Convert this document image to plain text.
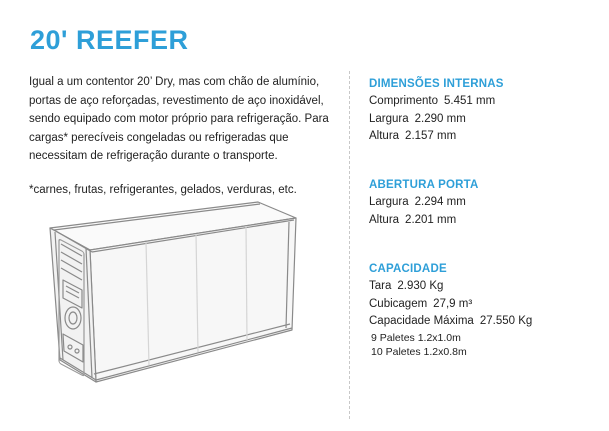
20' REEFER

Igual a um contentor 20’ Dry, mas com chão de alumínio, portas de aço reforçadas, revestimento de aço inoxidável, sendo equipado com motor próprio para refrigeração. Para cargas* perecíveis congeladas ou refrigeradas que necessitam de refrigeração durante o transporte.

*carnes, frutas, refrigerantes, gelados, verduras, etc.

DIMENSÕES INTERNAS
Comprimento 5.451 mm
Largura 2.290 mm
Altura 2.157 mm
ABERTURA PORTA
Largura 2.294 mm
Altura 2.201 mm
CAPACIDADE
Tara 2.930 Kg
Cubicagem 27,9 m³
Capacidade Máxima 27.550 Kg
9 Paletes 1.2x1.0m
10 Paletes 1.2x0.8m
